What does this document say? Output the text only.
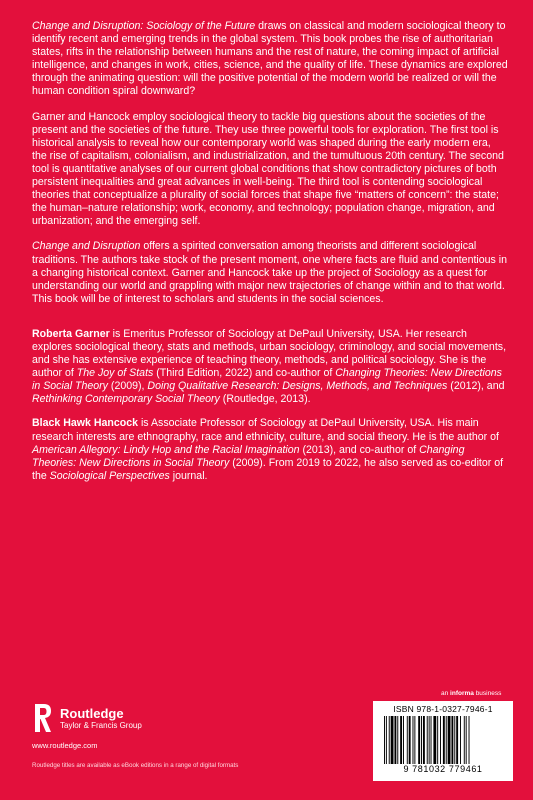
Change and Disruption: Sociology of the Future draws on classical and modern sociological theory to identify recent and emerging trends in the global system. This book probes the rise of authoritarian states, rifts in the relationship between humans and the rest of nature, the coming impact of artificial intelligence, and changes in work, cities, science, and the quality of life. These dynamics are explored through the animating question: will the positive potential of the modern world be realized or will the human condition spiral downward?

Garner and Hancock employ sociological theory to tackle big questions about the societies of the present and the societies of the future. They use three powerful tools for exploration. The first tool is historical analysis to reveal how our contemporary world was shaped during the early modern era, the rise of capitalism, colonialism, and industrialization, and the tumultuous 20th century. The second tool is quantitative analyses of our current global conditions that show contradictory pictures of both persistent inequalities and great advances in well-being. The third tool is contending sociological theories that conceptualize a plurality of social forces that shape five “matters of concern”: the state; the human–nature relationship; work, economy, and technology; population change, migration, and urbanization; and the emerging self.

Change and Disruption offers a spirited conversation among theorists and different sociological traditions. The authors take stock of the present moment, one where facts are fluid and contentious in a changing historical context. Garner and Hancock take up the project of Sociology as a quest for understanding our world and grappling with major new trajectories of change within and to that world. This book will be of interest to scholars and students in the social sciences.

Roberta Garner is Emeritus Professor of Sociology at DePaul University, USA. Her research explores sociological theory, stats and methods, urban sociology, criminology, and social movements, and she has extensive experience of teaching theory, methods, and political sociology. She is the author of The Joy of Stats (Third Edition, 2022) and co-author of Changing Theories: New Directions in Social Theory (2009), Doing Qualitative Research: Designs, Methods, and Techniques (2012), and Rethinking Contemporary Social Theory (Routledge, 2013).

Black Hawk Hancock is Associate Professor of Sociology at DePaul University, USA. His main research interests are ethnography, race and ethnicity, culture, and social theory. He is the author of American Allegory: Lindy Hop and the Racial Imagination (2013), and co-author of Changing Theories: New Directions in Social Theory (2009). From 2019 to 2022, he also served as co-editor of the Sociological Perspectives journal.

Routledge
Taylor & Francis Group
www.routledge.com
Routledge titles are available as eBook editions in a range of digital formats
an informa business
ISBN 978-1-0327-7946-1
9 781032 779461
